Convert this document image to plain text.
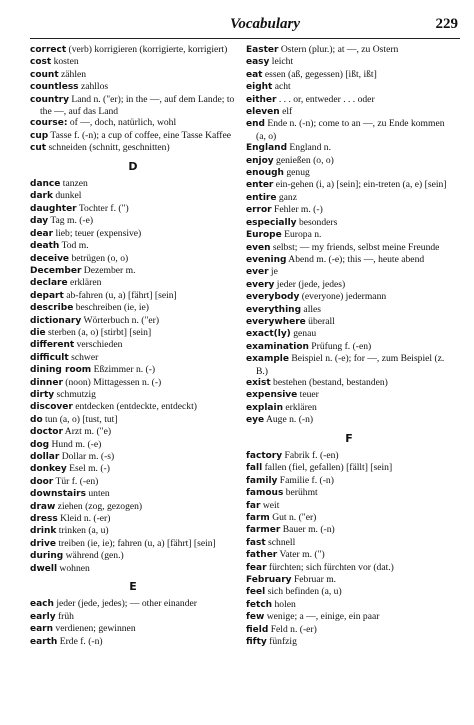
Vocabulary	229

correct (verb) korrigieren (korrigierte, korrigiert)

cost kosten

count zählen

countless zahllos

country Land n. ("er); in the —, auf dem Lande; to the —, auf das Land

course: of —, doch, natürlich, wohl

cup Tasse f. (-n); a cup of coffee, eine Tasse Kaffee

cut schneiden (schnitt, geschnitten)

D

dance tanzen

dark dunkel

daughter Tochter f. (")

day Tag m. (-e)

dear lieb; teuer (expensive)

death Tod m.

deceive betrügen (o, o)

December Dezember m.

declare erklären

depart ab-fahren (u, a) [fährt] [sein]

describe beschreiben (ie, ie)

dictionary Wörterbuch n. ("er)

die sterben (a, o) [stirbt] [sein]

different verschieden

difficult schwer

dining room Eßzimmer n. (-)

dinner (noon) Mittagessen n. (-)

dirty schmutzig

discover entdecken (entdeckte, entdeckt)

do tun (a, o) [tust, tut]

doctor Arzt m. ("e)

dog Hund m. (-e)

dollar Dollar m. (-s)

donkey Esel m. (-)

door Tür f. (-en)

downstairs unten

draw ziehen (zog, gezogen)

dress Kleid n. (-er)

drink trinken (a, u)

drive treiben (ie, ie); fahren (u, a) [fährt] [sein]

during während (gen.)

dwell wohnen

E

each jeder (jede, jedes); — other einander

early früh

earn verdienen; gewinnen

earth Erde f. (-n)

Easter Ostern (plur.); at —, zu Ostern

easy leicht

eat essen (aß, gegessen) [ißt, ißt]

eight acht

either . . . or, entweder . . . oder

eleven elf

end Ende n. (-n); come to an —, zu Ende kommen (a, o)

England England n.

enjoy genießen (o, o)

enough genug

enter ein-gehen (i, a) [sein]; ein-treten (a, e) [sein]

entire ganz

error Fehler m. (-)

especially besonders

Europe Europa n.

even selbst; — my friends, selbst meine Freunde

evening Abend m. (-e); this —, heute abend

ever je

every jeder (jede, jedes)

everybody (everyone) jedermann

everything alles

everywhere überall

exact(ly) genau

examination Prüfung f. (-en)

example Beispiel n. (-e); for —, zum Beispiel (z. B.)

exist bestehen (bestand, bestanden)

expensive teuer

explain erklären

eye Auge n. (-n)

F

factory Fabrik f. (-en)

fall fallen (fiel, gefallen) [fällt] [sein]

family Familie f. (-n)

famous berühmt

far weit

farm Gut n. ("er)

farmer Bauer m. (-n)

fast schnell

father Vater m. (")

fear fürchten; sich fürchten vor (dat.)

February Februar m.

feel sich befinden (a, u)

fetch holen

few wenige; a —, einige, ein paar

field Feld n. (-er)

fifty fünfzig
